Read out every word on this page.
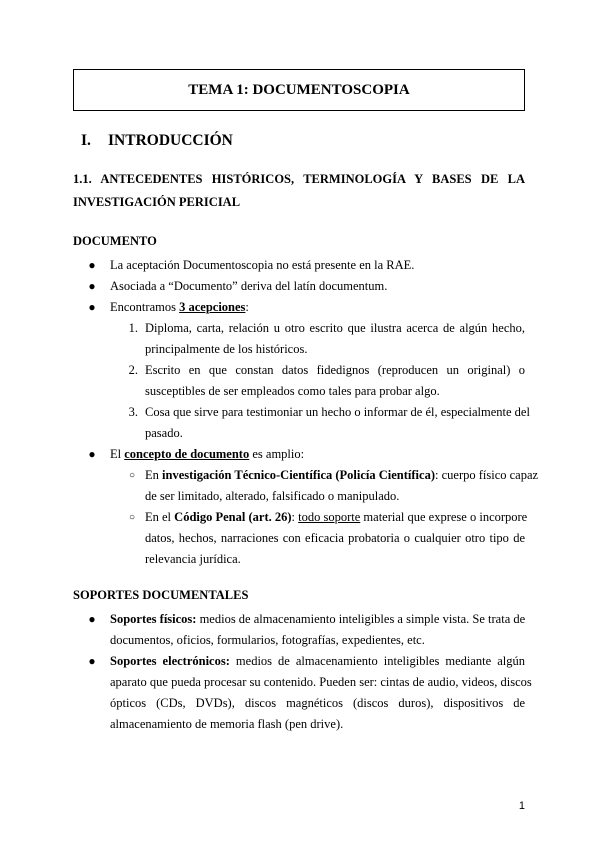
TEMA 1: DOCUMENTOSCOPIA
I. INTRODUCCIÓN
1.1. ANTECEDENTES HISTÓRICOS, TERMINOLOGÍA Y BASES DE LA
INVESTIGACIÓN PERICIAL
DOCUMENTO
● La aceptación Documentoscopia no está presente en la RAE.
● Asociada a “Documento” deriva del latín documentum.
● Encontramos 3 acepciones:
1. Diploma, carta, relación u otro escrito que ilustra acerca de algún hecho,
principalmente de los históricos.
2. Escrito en que constan datos fidedignos (reproducen un original) o
susceptibles de ser empleados como tales para probar algo.
3. Cosa que sirve para testimoniar un hecho o informar de él, especialmente del
pasado.
● El concepto de documento es amplio:
○ En investigación Técnico-Científica (Policía Científica): cuerpo físico capaz
de ser limitado, alterado, falsificado o manipulado.
○ En el Código Penal (art. 26): todo soporte material que exprese o incorpore
datos, hechos, narraciones con eficacia probatoria o cualquier otro tipo de
relevancia jurídica.
SOPORTES DOCUMENTALES
● Soportes físicos: medios de almacenamiento inteligibles a simple vista. Se trata de
documentos, oficios, formularios, fotografías, expedientes, etc.
● Soportes electrónicos: medios de almacenamiento inteligibles mediante algún
aparato que pueda procesar su contenido. Pueden ser: cintas de audio, videos, discos
ópticos (CDs, DVDs), discos magnéticos (discos duros), dispositivos de
almacenamiento de memoria flash (pen drive).
1
